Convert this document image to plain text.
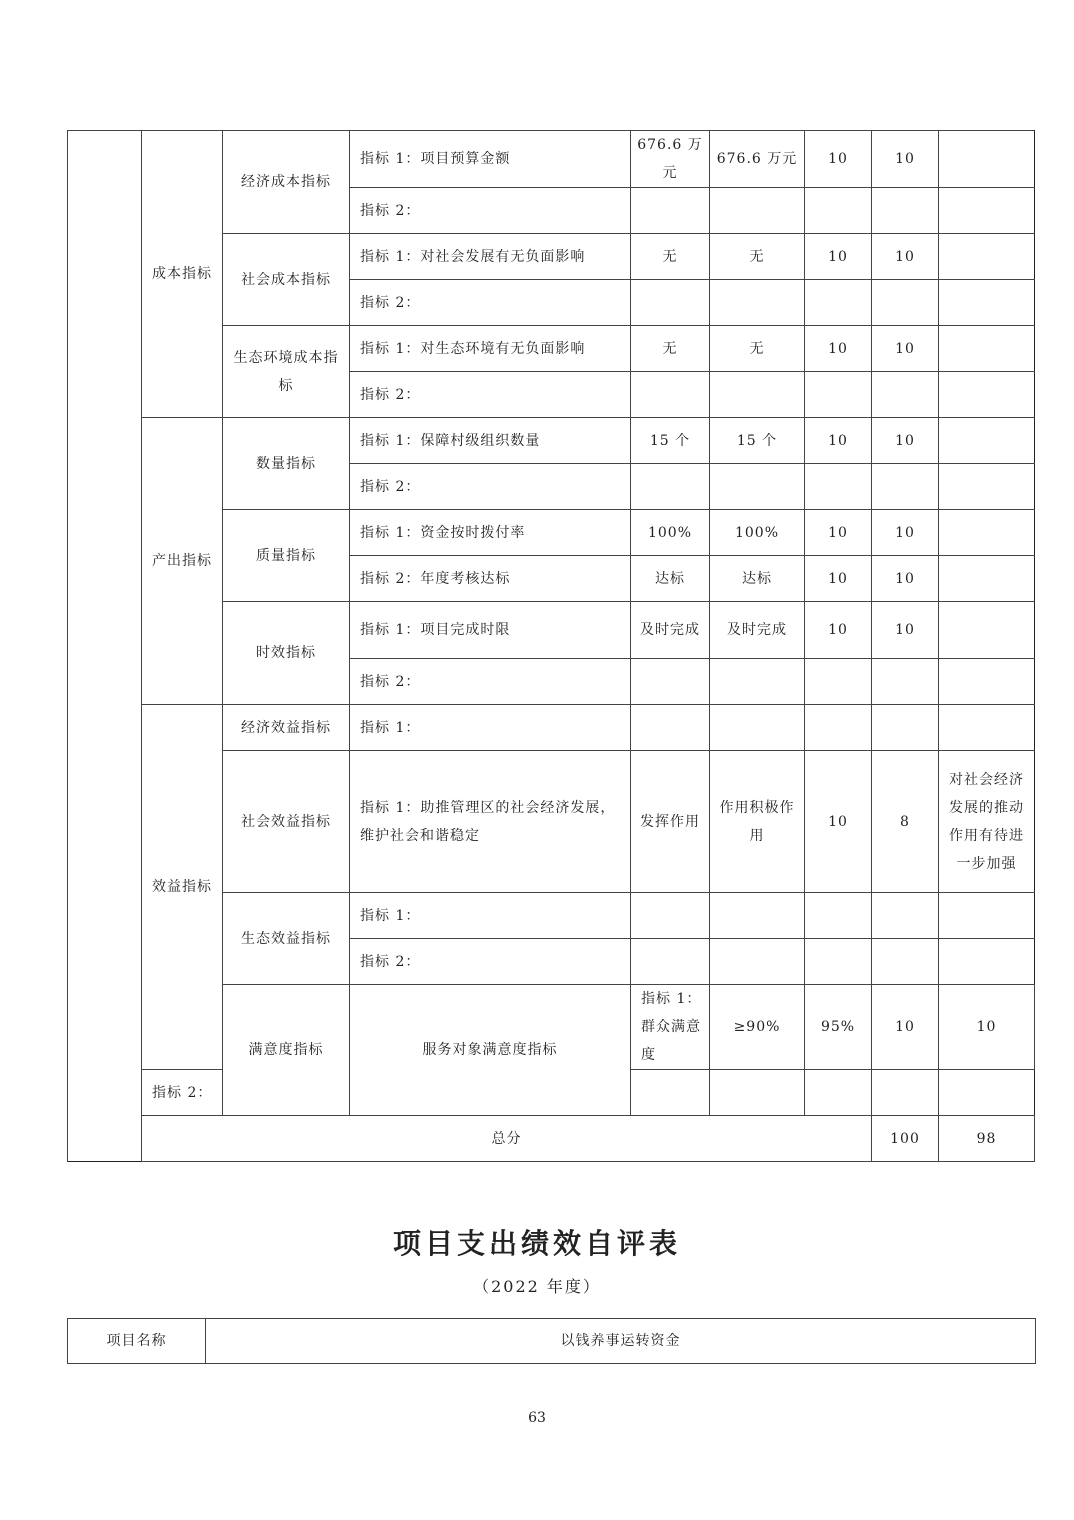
	成本指标	经济成本指标	指标 1：项目预算金额	676.6 万元	676.6 万元	10	10		
			指标 2：						
		社会成本指标	指标 1：对社会发展有无负面影响	无	无	10	10		
			指标 2：						
		生态环境成本指标	指标 1：对生态环境有无负面影响	无	无	10	10		
			指标 2：						
	产出指标	数量指标	指标 1：保障村级组织数量	15 个	15 个	10	10		
			指标 2：						
		质量指标	指标 1：资金按时拨付率	100%	100%	10	10		
			指标 2：年度考核达标	达标	达标	10	10		
		时效指标	指标 1：项目完成时限	及时完成	及时完成	10	10		
			指标 2：						
	效益指标	经济效益指标	指标 1：						
		社会效益指标	指标 1：助推管理区的社会经济发展，维护社会和谐稳定	发挥作用	作用积极作用	10	8	对社会经济发展的推动作用有待进一步加强	
		生态效益指标	指标 1：						
			指标 2：						
		满意度指标	服务对象满意度指标	指标 1：群众满意度	≥90%	95%	10	10	
	指标 2：								
	总分						100	98	
项目支出绩效自评表
（2022 年度）
项目名称	以钱养事运转资金
63
